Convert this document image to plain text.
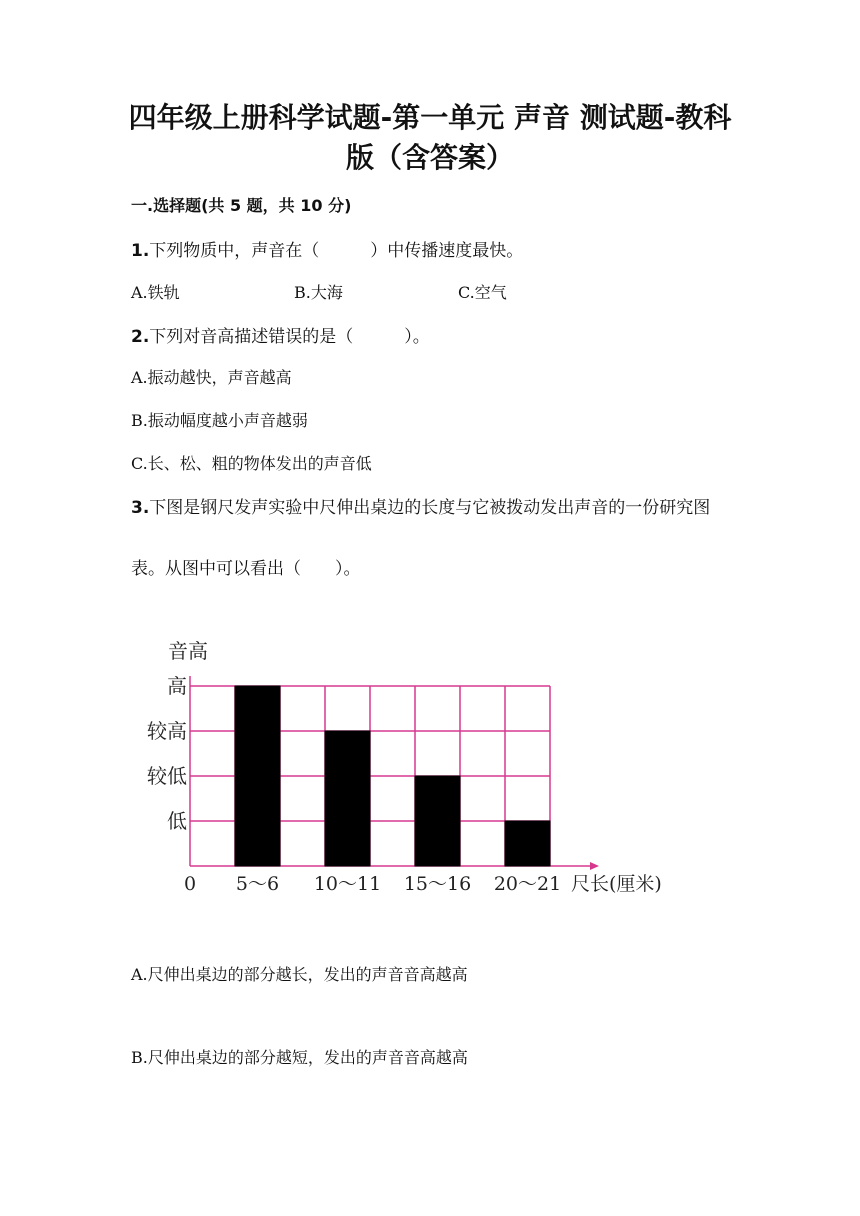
四年级上册科学试题-第一单元 声音 测试题-教科
版（含答案）
一.选择题(共 5 题，共 10 分)
1.下列物质中，声音在（　　　）中传播速度最快。
A.铁轨	B.大海	C.空气
2.下列对音高描述错误的是（　　　）。
A.振动越快，声音越高
B.振动幅度越小声音越弱
C.长、松、粗的物体发出的声音低
3.下图是钢尺发声实验中尺伸出桌边的长度与它被拨动发出声音的一份研究图
表。从图中可以看出（　　）。
低
较低
较高
高
音高
0 5～6 10～11 15～16 20～21 尺长(厘米)
A.尺伸出桌边的部分越长，发出的声音音高越高
B.尺伸出桌边的部分越短，发出的声音音高越高
